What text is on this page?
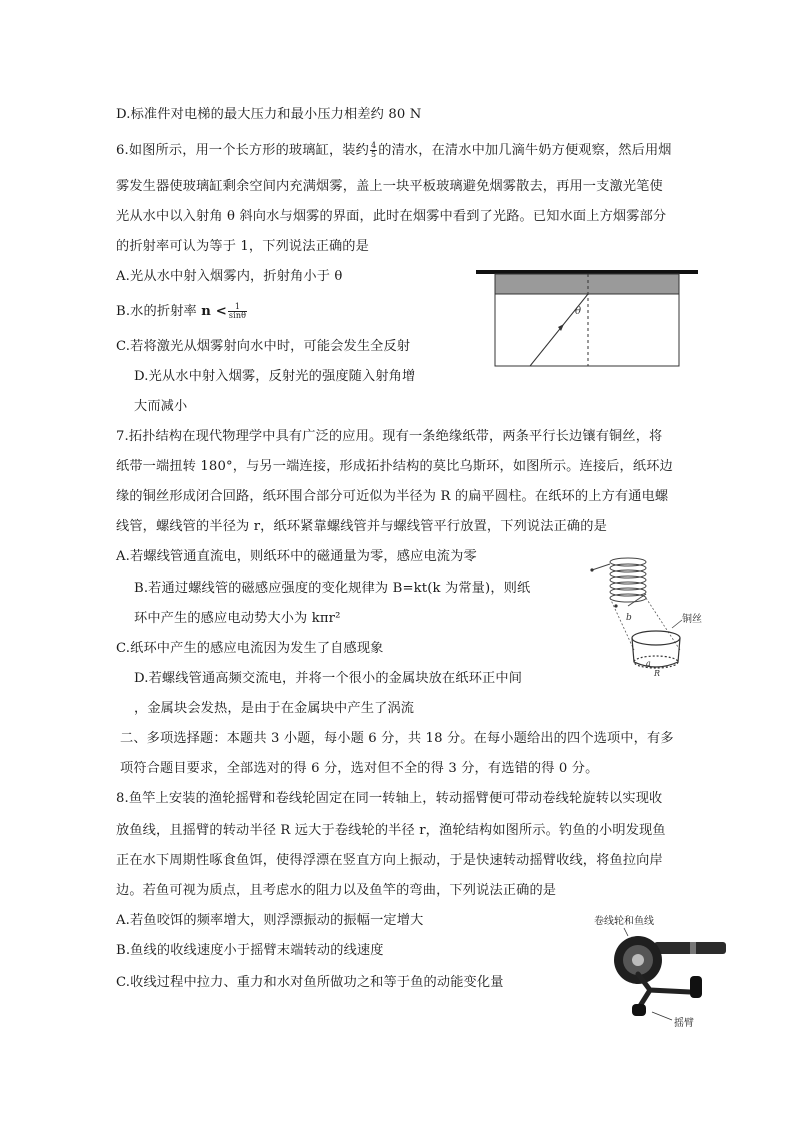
D.标准件对电梯的最大压力和最小压力相差约 80 N
6.如图所示，用一个长方形的玻璃缸，装约 $\frac{4}{5}$ 的清水，在清水中加几滴牛奶方便观察，然后用烟
雾发生器使玻璃缸剩余空间内充满烟雾，盖上一块平板玻璃避免烟雾散去，再用一支激光笔使
光从水中以入射角 θ 斜向水与烟雾的界面，此时在烟雾中看到了光路。已知水面上方烟雾部分
的折射率可认为等于 1，下列说法正确的是
A.光从水中射入烟雾内，折射角小于 θ
B.水的折射率 $n < \frac{1}{\sin\theta}$
C.若将激光从烟雾射向水中时，可能会发生全反射
D.光从水中射入烟雾，反射光的强度随入射角增
大而减小
θ
7.拓扑结构在现代物理学中具有广泛的应用。现有一条绝缘纸带，两条平行长边镶有铜丝，将
纸带一端扭转 180°，与另一端连接，形成拓扑结构的莫比乌斯环，如图所示。连接后，纸环边
缘的铜丝形成闭合回路，纸环围合部分可近似为半径为 R 的扁平圆柱。在纸环的上方有通电螺
线管，螺线管的半径为 r，纸环紧靠螺线管并与螺线管平行放置，下列说法正确的是
A.若螺线管通直流电，则纸环中的磁通量为零，感应电流为零
B.若通过螺线管的磁感应强度的变化规律为 B=kt(k 为常量)，则纸
环中产生的感应电动势大小为 kπr²
C.纸环中产生的感应电流因为发生了自感现象
D.若螺线管通高频交流电，并将一个很小的金属块放在纸环正中间
，金属块会发热，是由于在金属块中产生了涡流
b
a
R
铜丝
二、多项选择题：本题共 3 小题，每小题 6 分，共 18 分。在每小题给出的四个选项中，有多
项符合题目要求，全部选对的得 6 分，选对但不全的得 3 分，有选错的得 0 分。
8.鱼竿上安装的渔轮摇臂和卷线轮固定在同一转轴上，转动摇臂便可带动卷线轮旋转以实现收
放鱼线，且摇臂的转动半径 R 远大于卷线轮的半径 r，渔轮结构如图所示。钓鱼的小明发现鱼
正在水下周期性啄食鱼饵，使得浮漂在竖直方向上振动，于是快速转动摇臂收线，将鱼拉向岸
边。若鱼可视为质点，且考虑水的阻力以及鱼竿的弯曲，下列说法正确的是
A.若鱼咬饵的频率增大，则浮漂振动的振幅一定增大
B.鱼线的收线速度小于摇臂末端转动的线速度
C.收线过程中拉力、重力和水对鱼所做功之和等于鱼的动能变化量
卷线轮和鱼线
摇臂
